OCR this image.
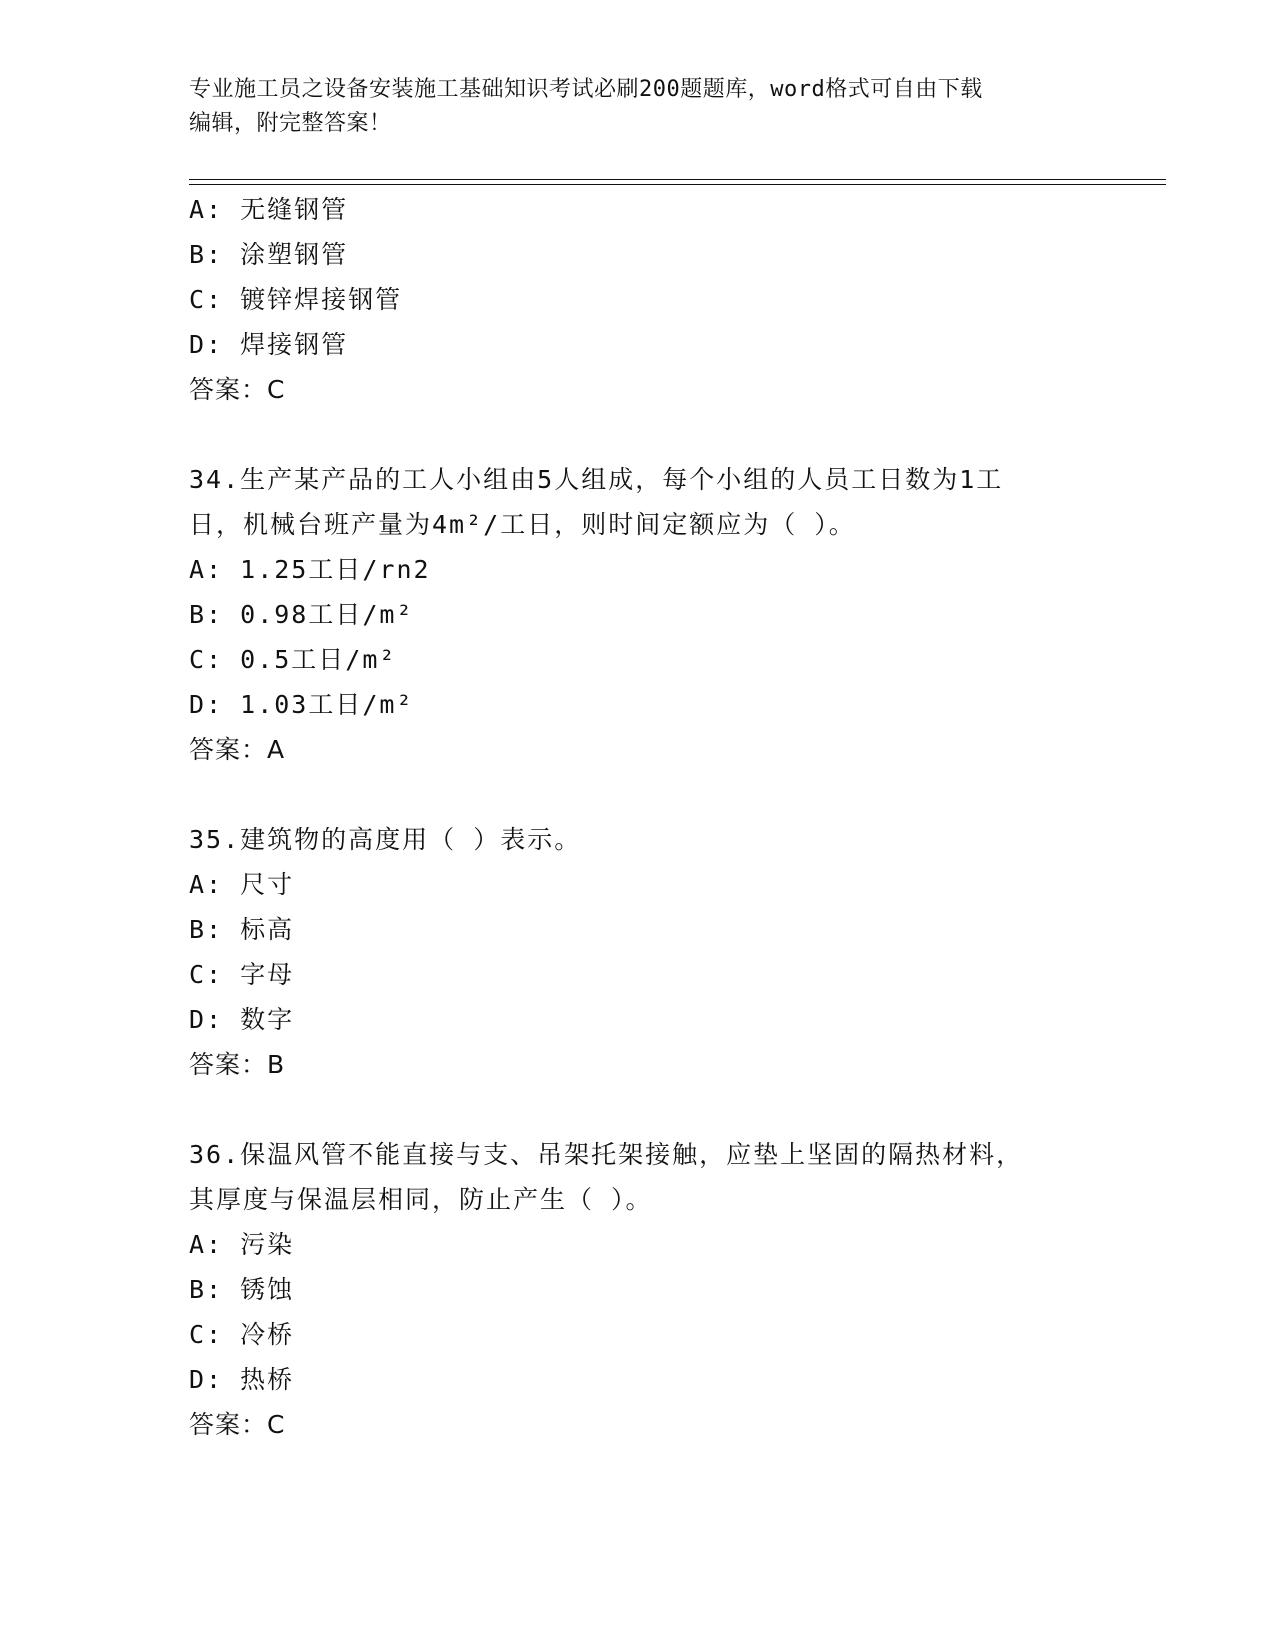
专业施工员之设备安装施工基础知识考试必刷200题题库，word格式可自由下载
编辑，附完整答案！
A: 无缝钢管
B: 涂塑钢管
C: 镀锌焊接钢管
D: 焊接钢管
答案：C
34.生产某产品的工人小组由5人组成，每个小组的人员工日数为1工
日，机械台班产量为4m²/工日，则时间定额应为（ ）。
A: 1.25工日/rn2
B: 0.98工日/m²
C: 0.5工日/m²
D: 1.03工日/m²
答案：A
35.建筑物的高度用（ ）表示。
A: 尺寸
B: 标高
C: 字母
D: 数字
答案：B
36.保温风管不能直接与支、吊架托架接触，应垫上坚固的隔热材料，
其厚度与保温层相同，防止产生（ ）。
A: 污染
B: 锈蚀
C: 冷桥
D: 热桥
答案：C
